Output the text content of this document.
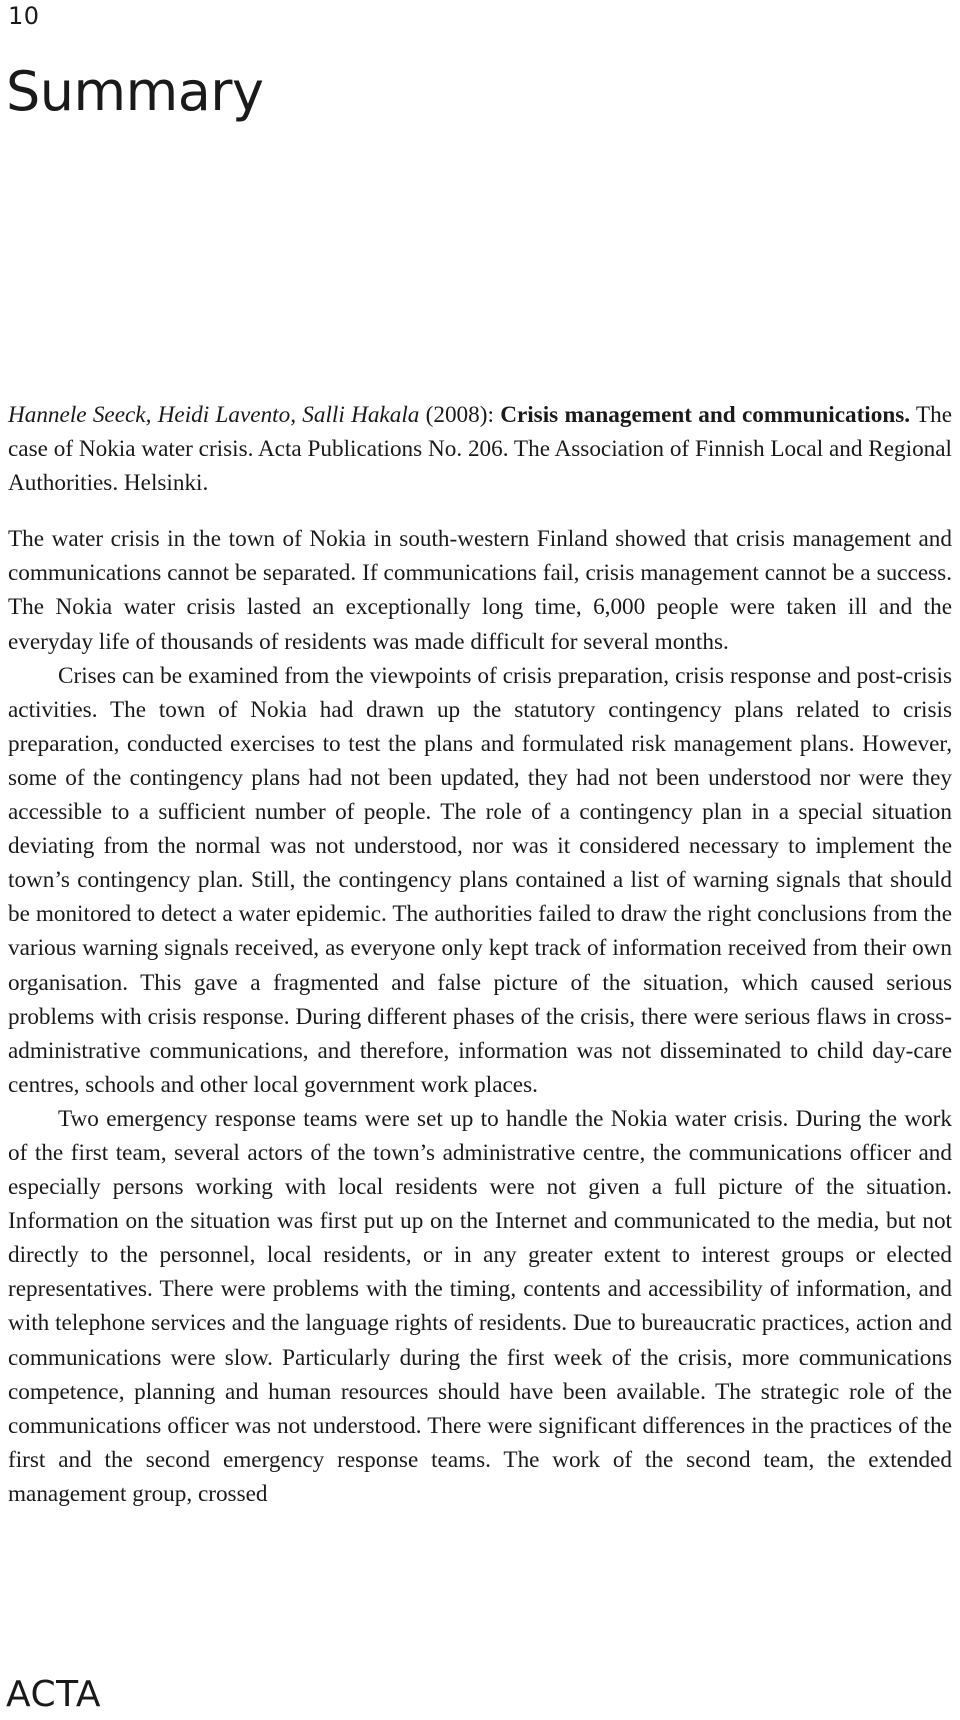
10
Summary

Hannele Seeck, Heidi Lavento, Salli Hakala (2008): Crisis management and communications. The case of Nokia water crisis. Acta Publications No. 206. The Association of Finnish Local and Regional Authorities. Helsinki.

The water crisis in the town of Nokia in south-western Finland showed that crisis management and communications cannot be separated. If communications fail, crisis management cannot be a success. The Nokia water crisis lasted an exceptionally long time, 6,000 people were taken ill and the everyday life of thousands of residents was made difficult for several months.

Crises can be examined from the viewpoints of crisis preparation, crisis response and post-crisis activities. The town of Nokia had drawn up the statutory contingency plans related to crisis preparation, conducted exercises to test the plans and formulated risk management plans. However, some of the contingency plans had not been updated, they had not been understood nor were they accessible to a sufficient number of people. The role of a contingency plan in a special situation deviating from the normal was not understood, nor was it considered necessary to implement the town’s contingency plan. Still, the contingency plans contained a list of warning signals that should be monitored to detect a water epidemic. The authorities failed to draw the right conclusions from the various warning signals received, as everyone only kept track of information received from their own organisation. This gave a fragmented and false picture of the situation, which caused serious problems with crisis response. During different phases of the crisis, there were serious flaws in cross-administrative communications, and therefore, information was not disseminated to child day-care centres, schools and other local government work places.

Two emergency response teams were set up to handle the Nokia water crisis. During the work of the first team, several actors of the town’s administrative centre, the communications officer and especially persons working with local residents were not given a full picture of the situation. Information on the situation was first put up on the Internet and communicated to the media, but not directly to the personnel, local residents, or in any greater extent to interest groups or elected representatives. There were problems with the timing, contents and accessibility of information, and with telephone services and the language rights of residents. Due to bureaucratic practices, action and communications were slow. Particularly during the first week of the crisis, more communications competence, planning and human resources should have been available. The strategic role of the communications officer was not understood. There were significant differences in the practices of the first and the second emergency response teams. The work of the second team, the extended management group, crossed

ACTA
